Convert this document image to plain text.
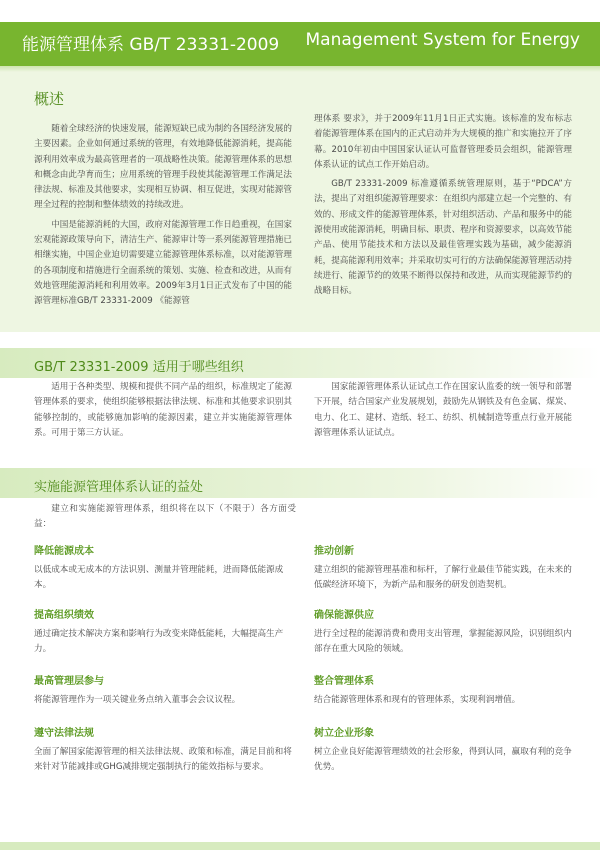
能源管理体系 GB/T 23331-2009 Management System for Energy
概述

随着全球经济的快速发展，能源短缺已成为制约各国经济发展的主要因素。企业如何通过系统的管理，有效地降低能源消耗，提高能源利用效率成为最高管理者的一项战略性决策。能源管理体系的思想和概念由此孕育而生；应用系统的管理手段使其能源管理工作满足法律法规、标准及其他要求，实现相互协调、相互促进，实现对能源管理全过程的控制和整体绩效的持续改进。

中国是能源消耗的大国，政府对能源管理工作日趋重视，在国家宏观能源政策导向下，清洁生产、能源审计等一系列能源管理措施已相继实施，中国企业迫切需要建立能源管理体系标准，以对能源管理的各项制度和措施进行全面系统的策划、实施、检查和改进，从而有效地管理能源消耗和利用效率。2009年3月1日正式发布了中国的能源管理标准GB/T 23331-2009 《能源管

理体系 要求》，并于2009年11月1日正式实施。该标准的发布标志着能源管理体系在国内的正式启动并为大规模的推广和实施拉开了序幕。2010年初由中国国家认证认可监督管理委员会组织，能源管理体系认证的试点工作开始启动。

GB/T 23331-2009 标准遵循系统管理原则，基于“PDCA”方法，提出了对组织能源管理要求：在组织内部建立起一个完整的、有效的、形成文件的能源管理体系，针对组织活动、产品和服务中的能源使用或能源消耗，明确目标、职责、程序和资源要求，以高效节能产品、使用节能技术和方法以及最佳管理实践为基础，减少能源消耗，提高能源利用效率；并采取切实可行的方法确保能源管理活动持续进行、能源节约的效果不断得以保持和改进，从而实现能源节约的战略目标。

GB/T 23331-2009 适用于哪些组织

适用于各种类型、规模和提供不同产品的组织，标准规定了能源管理体系的要求，使组织能够根据法律法规、标准和其他要求识别其能够控制的，或能够施加影响的能源因素，建立并实施能源管理体系。可用于第三方认证。

国家能源管理体系认证试点工作在国家认监委的统一领导和部署下开展，结合国家产业发展规划，鼓励先从钢铁及有色金属、煤炭、电力、化工、建材、造纸、轻工、纺织、机械制造等重点行业开展能源管理体系认证试点。

实施能源管理体系认证的益处

建立和实施能源管理体系，组织将在以下（不限于）各方面受益：

降低能源成本

以低成本或无成本的方法识别、测量并管理能耗，进而降低能源成本。

推动创新

建立组织的能源管理基准和标杆，了解行业最佳节能实践，在未来的低碳经济环境下，为新产品和服务的研发创造契机。

提高组织绩效

通过确定技术解决方案和影响行为改变来降低能耗，大幅提高生产力。

确保能源供应

进行全过程的能源消费和费用支出管理，掌握能源风险，识别组织内部存在重大风险的领域。

最高管理层参与

将能源管理作为一项关键业务点纳入董事会会议议程。

整合管理体系

结合能源管理体系和现有的管理体系，实现利润增值。

遵守法律法规

全面了解国家能源管理的相关法律法规、政策和标准，满足目前和将来针对节能减排或GHG减排规定强制执行的能效指标与要求。

树立企业形象

树立企业良好能源管理绩效的社会形象，得到认同，赢取有利的竞争优势。
